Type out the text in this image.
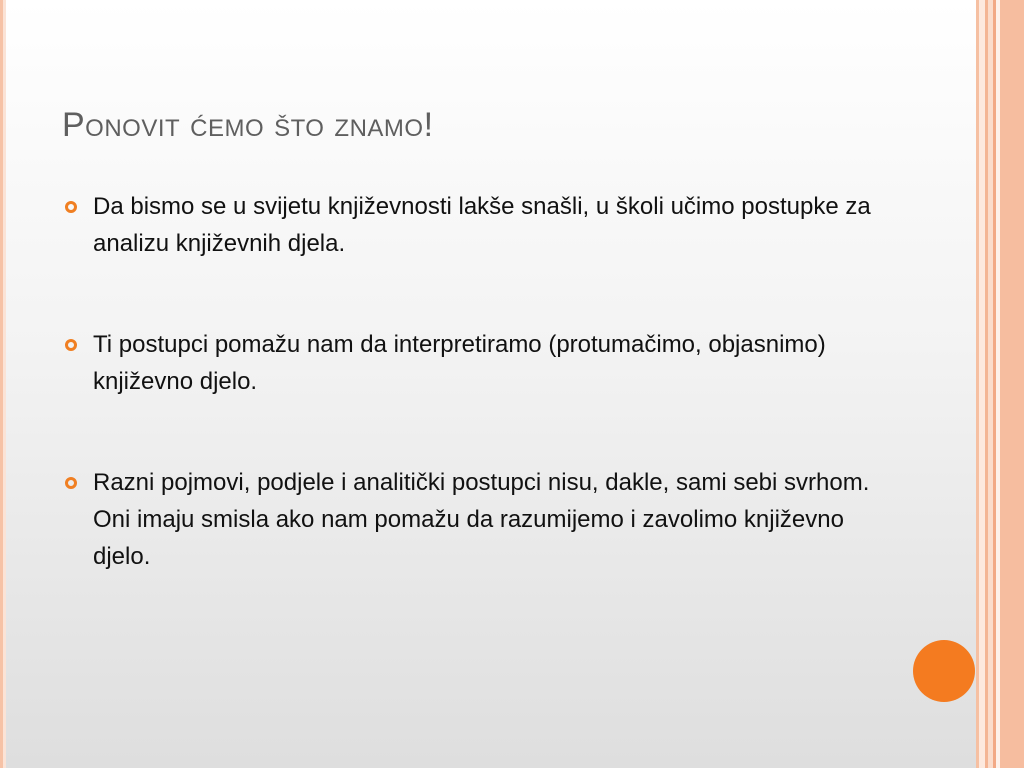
Ponovit ćemo što znamo!
Da bismo se u svijetu književnosti lakše snašli, u školi učimo postupke za analizu književnih djela.
Ti postupci pomažu nam da interpretiramo (protumačimo, objasnimo) književno djelo.
Razni pojmovi, podjele i analitički postupci nisu, dakle, sami sebi svrhom. Oni imaju smisla ako nam pomažu da razumijemo i zavolimo književno djelo.
